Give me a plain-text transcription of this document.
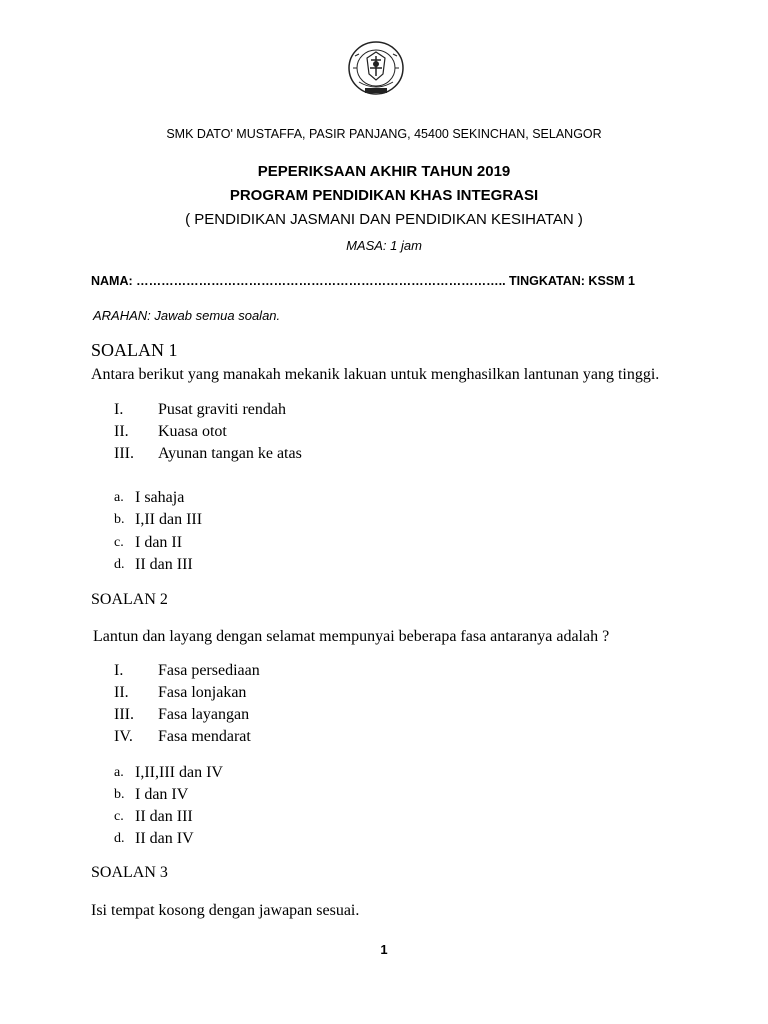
SMK DATO' MUSTAFFA, PASIR PANJANG, 45400 SEKINCHAN, SELANGOR
PEPERIKSAAN AKHIR TAHUN 2019
PROGRAM PENDIDIKAN KHAS INTEGRASI
( PENDIDIKAN JASMANI DAN PENDIDIKAN KESIHATAN )
MASA: 1 jam
NAMA: …………………………………………………………………………….. TINGKATAN: KSSM 1
ARAHAN: Jawab semua soalan.
SOALAN 1
Antara berikut yang manakah mekanik lakuan untuk menghasilkan lantunan yang tinggi.
I. Pusat graviti rendah
II. Kuasa otot
III. Ayunan tangan ke atas
a. I sahaja
b. I,II dan III
c. I dan II
d. II dan III
SOALAN 2
Lantun dan layang dengan selamat mempunyai beberapa fasa antaranya adalah ?
I. Fasa persediaan
II. Fasa lonjakan
III. Fasa layangan
IV. Fasa mendarat
a. I,II,III dan IV
b. I dan IV
c. II dan III
d. II dan IV
SOALAN 3
Isi tempat kosong dengan jawapan sesuai.
1
